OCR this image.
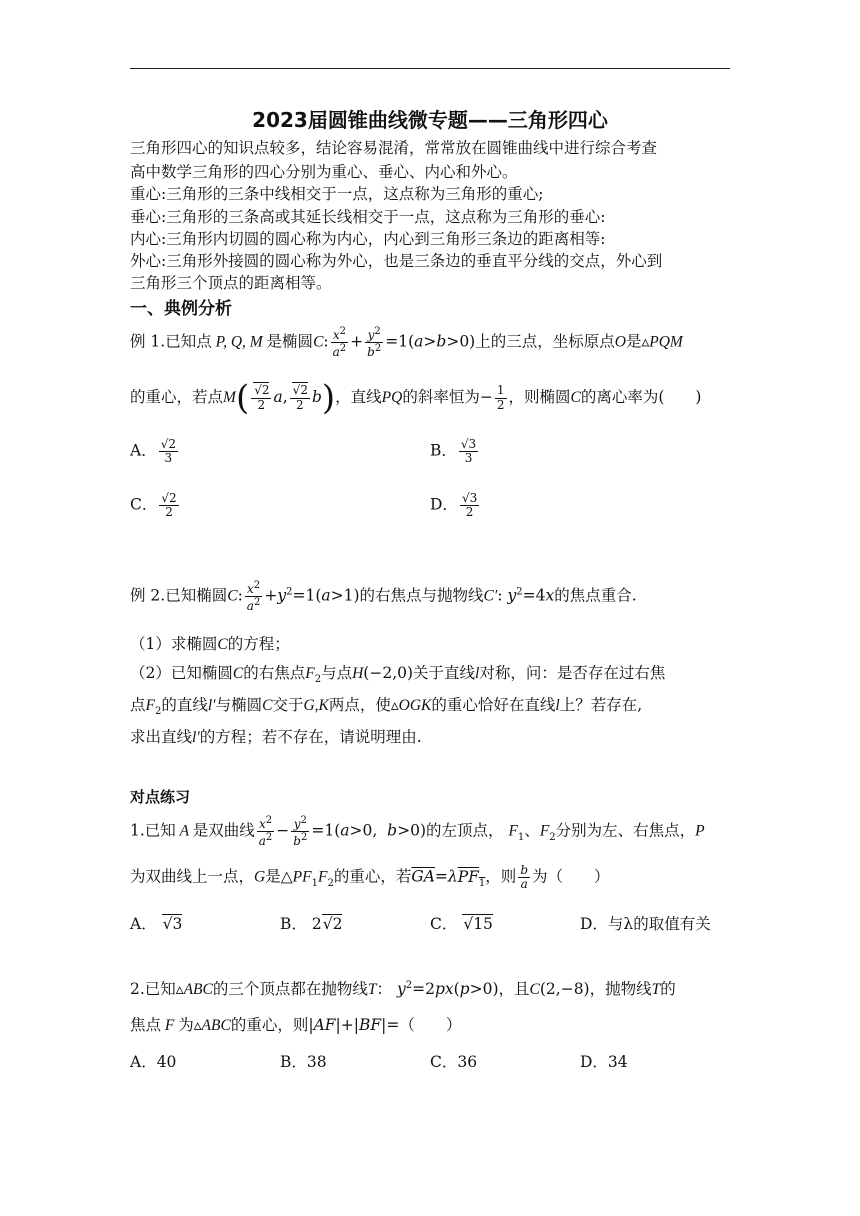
2023届圆锥曲线微专题——三角形四心
三角形四心的知识点较多，结论容易混淆，常常放在圆锥曲线中进行综合考查
高中数学三角形的四心分别为重心、垂心、内心和外心。
重心:三角形的三条中线相交于一点，这点称为三角形的重心;
垂心:三角形的三条高或其延长线相交于一点，这点称为三角形的垂心:
内心:三角形内切圆的圆心称为内心，内心到三角形三条边的距离相等:
外心:三角形外接圆的圆心称为外心，也是三条边的垂直平分线的交点，外心到
三角形三个顶点的距离相等。
一、典例分析
例 1.已知点 P, Q, M 是椭圆C: $\frac{x^2}{a^2} + \frac{y^2}{b^2} =1(a>b>0)$上的三点，坐标原点O是▵PQM
的重心，若点$M( \frac{√2}{2} a$, $\frac{√2}{2} b$)，直线PQ的斜率恒为− $\frac{1}{2}$ ，则椭圆C的离心率为(　　)
A． $\frac{√2}{3}$	B． $\frac{√3}{3}$
C． $\frac{√2}{2}$	D． $\frac{√3}{2}$
例 2.已知椭圆C: $\frac{x^2}{a^2} +y^2=1(a>1)$的右焦点与抛物线C′: $y^2=4x$的焦点重合.
（1）求椭圆C的方程；
（2）已知椭圆C的右焦点$F_2$与点H(−2,0)关于直线l对称，问：是否存在过右焦
点$F_2$的直线l′与椭圆C交于G,K两点，使▵OGK的重心恰好在直线l上？若存在,
求出直线l′的方程；若不存在，请说明理由.
对点练习
1.已知 A 是双曲线 $\frac{x^2}{a^2} - \frac{y^2}{b^2} =1(a>0$,  b>0)的左顶点， $F_1$、$F_2$分别为左、右焦点，P
为双曲线上一点，G是$\triangle PF_1F_2$的重心，若$\overline{GA}=\lambda PF_1$，则 $\frac{b}{a}$ 为（　　）
A． √3	B． 2√2	C． √15	D．与λ的取值有关
2.已知▵ABC的三个顶点都在抛物线T： $y^2=2px(p>0)$，且C(2,−8)，抛物线T的
焦点 F 为▵ABC的重心，则|AF|+|BF|=（　　）
A．40	B．38	C．36	D．34
